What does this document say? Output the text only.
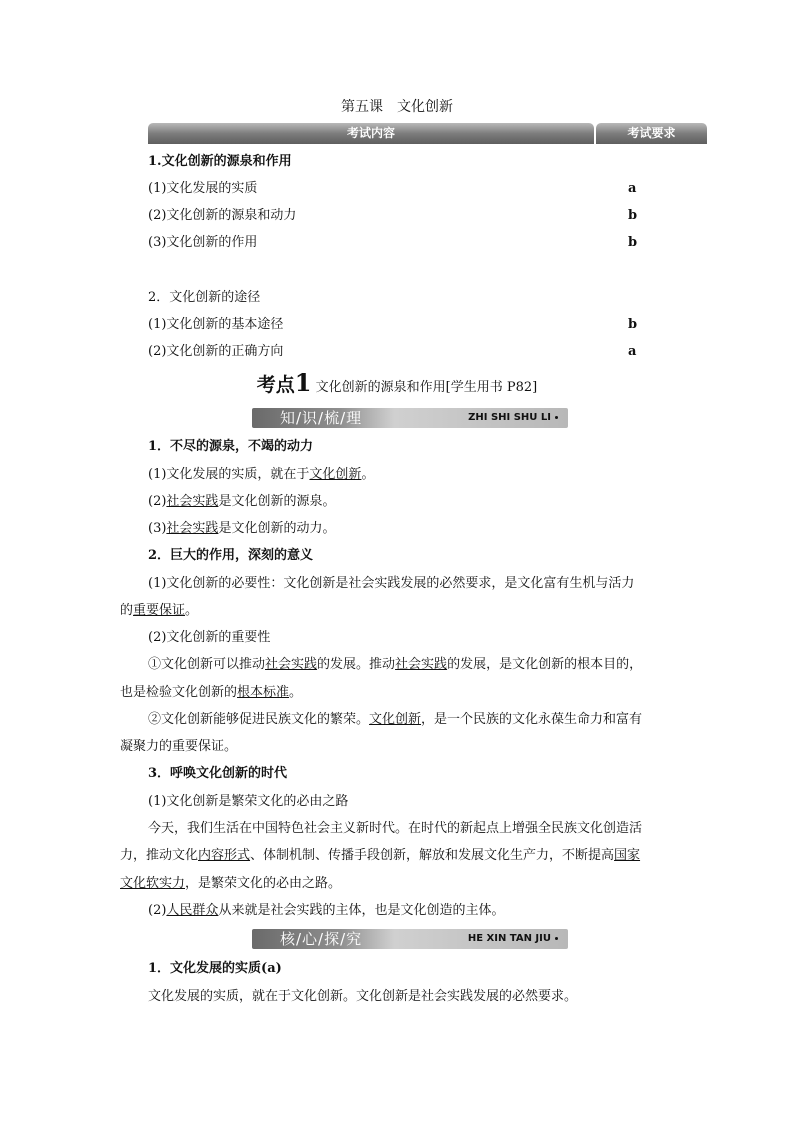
第五课　文化创新
考试内容	考试要求
1.文化创新的源泉和作用
(1)文化发展的实质	a
(2)文化创新的源泉和动力	b
(3)文化创新的作用	b
2．文化创新的途径
(1)文化创新的基本途径	b
(2)文化创新的正确方向	a
考点1 文化创新的源泉和作用[学生用书 P82]
知/识/梳/理	ZHI SHI SHU LI
1．不尽的源泉，不竭的动力
(1)文化发展的实质，就在于文化创新。
(2)社会实践是文化创新的源泉。
(3)社会实践是文化创新的动力。
2．巨大的作用，深刻的意义
(1)文化创新的必要性：文化创新是社会实践发展的必然要求，是文化富有生机与活力
的重要保证。
(2)文化创新的重要性
①文化创新可以推动社会实践的发展。推动社会实践的发展，是文化创新的根本目的，
也是检验文化创新的根本标准。
②文化创新能够促进民族文化的繁荣。文化创新，是一个民族的文化永葆生命力和富有
凝聚力的重要保证。
3．呼唤文化创新的时代
(1)文化创新是繁荣文化的必由之路
今天，我们生活在中国特色社会主义新时代。在时代的新起点上增强全民族文化创造活
力，推动文化内容形式、体制机制、传播手段创新，解放和发展文化生产力，不断提高国家
文化软实力，是繁荣文化的必由之路。
(2)人民群众从来就是社会实践的主体，也是文化创造的主体。
核/心/探/究	HE XIN TAN JIU
1．文化发展的实质(a)
文化发展的实质，就在于文化创新。文化创新是社会实践发展的必然要求。
